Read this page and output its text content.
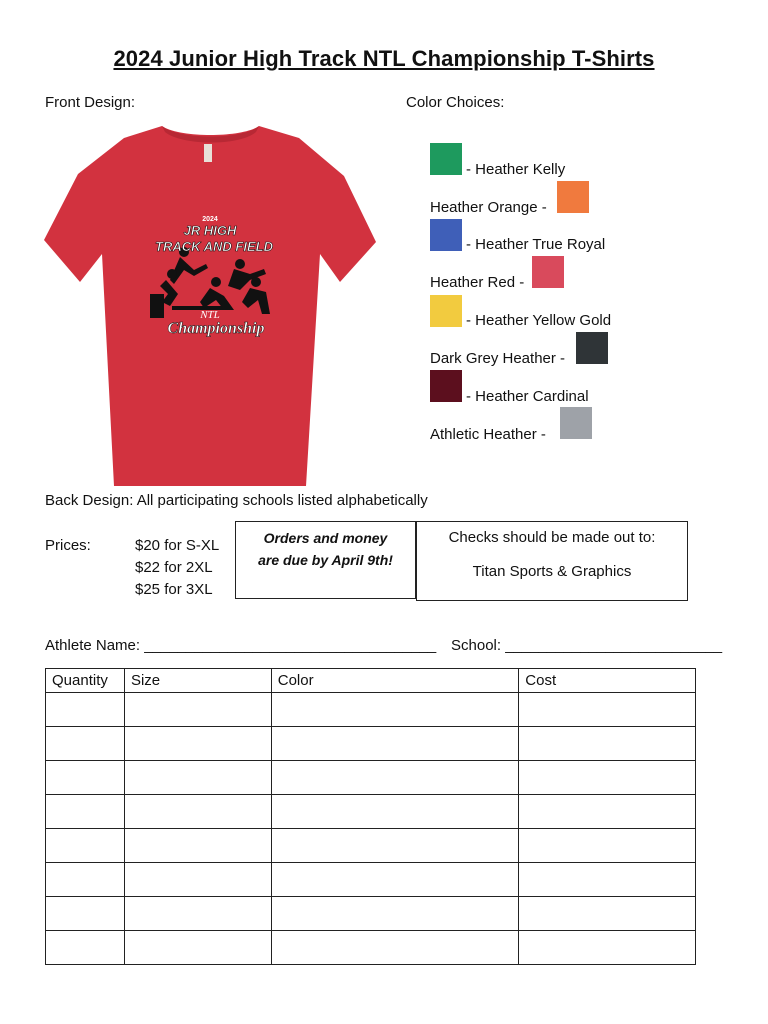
2024 Junior High Track NTL Championship T-Shirts
Front Design:	Color Choices:
2024
JR HIGH
TRACK AND FIELD
NTL
Championship
- Heather Kelly
Heather Orange -
- Heather True Royal
Heather Red -
- Heather Yellow Gold
Dark Grey Heather -
- Heather Cardinal
Athletic Heather -
Back Design: All participating schools listed alphabetically
Prices:	$20 for S-XL
$22 for 2XL
$25 for 3XL
Orders and money
are due by April 9th!
Checks should be made out to:
Titan Sports & Graphics
Athlete Name: ___________________________________ School: __________________________
Quantity	Size	Color	Cost
